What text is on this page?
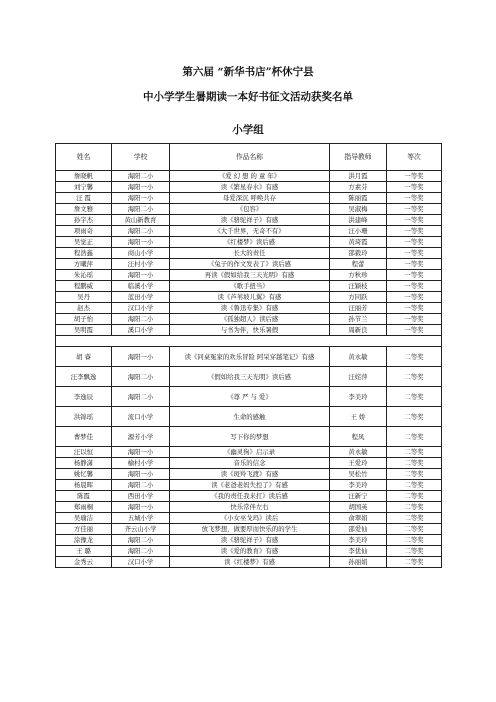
第六届 “新华书店”杯休宁县
中小学学生暑期读一本好书征文活动获奖名单
小学组
姓名	学校	作品名称	指导教师	等次
詹晓帆	海阳二小	《爱 幻 想 的 童 年》	洪月霞	一等奖
刘宁馨	海阳一小	读《繁星春水》有感	方素芬	一等奖
汪 霞	海阳一小	母爱深沉 呼唤共存	陈丽霞	一等奖
詹文雅	海阳二小	《包容》	吴淑梅	一等奖
孙宇杰	黄山新教育	读《骆驼祥子》有感	洪建峰	一等奖
项雨奇	海阳二小	《大千世界，无奇不有》	汪小珊	一等奖
吴觉正	海阳一小	《红楼梦》读后感	黄琦霞	一等奖
程浩鑫	商山小学	长大的责任	邵毅玲	一等奖
方曦萍	汪村小学	《兔子的作文发表了》读后感	程蕾	一等奖
朱沁瑶	海阳一小	再读《假如给我三天光明》有感	方秋珍	一等奖
程鹏威	临溪小学	《歌手扭当》	汪颖枝	一等奖
吴丹	蓝田小学	读《芦苇坡儿翼》有感	方同跃	一等奖
赵杰	汉口小学	读《鲁迅专集》有感	汪丽芳	一等奖
胡子怡	海阳二小	《孤独超人》读后感	孙节兰	一等奖
吴明霞	溪口小学	与书为伴，快乐暑假	周新良	一等奖

胡 睿	海阳一小	读《同桌冤家的欢乐冒险 阿呆穿越笔记》有感	黄永敏	二等奖
汪李飘逸	海阳二小	《假如给我三天光明》读后感	汪姹萍	二等奖
李逸辰	海阳二小	《尊 严 与 爱》	李美玲	二等奖
洪锦瑶	流口小学	生命的感触	王 娇	二等奖
曹梦佳	源芳小学	写下你的梦想	程凤	二等奖
汪以恒	海阳一小	《幽灵狗》启示录	黄永敏	二等奖
杨静潇	榆村小学	音乐的信念	王爱玲	二等奖
姚忆馨	海阳一小	读《斑羚飞渡》有感	吴松竹	二等奖
杨晨晖	海阳二小	读《老爸老妈失控了》有感	李美玲	二等奖
陈霞	西田小学	《我的责任我来扛》读后感	汪新宁	二等奖
郑雨桐	海阳一小	快乐常伴左右	胡国英	二等奖
吴瑜洁	五城小学	《小女巫戈玛》读后	俞翠娟	二等奖
方佳丽	齐云山小学	放飞梦想，做要厚而快乐的的学生	邵爱仙	二等奖
涂豫龙	海阳二小	读《骆驼祥子》有感	李美玲	二等奖
王 璐	海阳二小	读《爱的教育》有感	李优仙	二等奖
金秀云	汉口小学	读《红楼梦》有感	孙丽娟	二等奖
